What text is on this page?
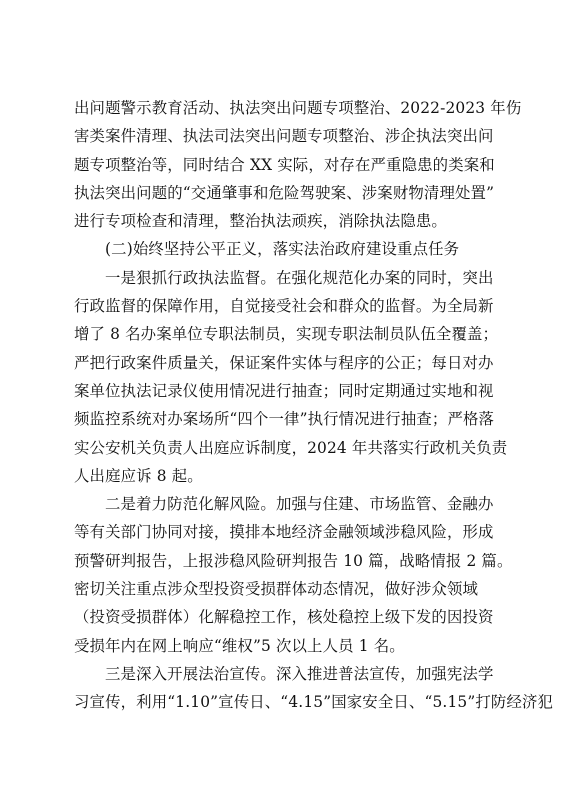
出问题警示教育活动、执法突出问题专项整治、2022-2023 年伤
害类案件清理、执法司法突出问题专项整治、涉企执法突出问
题专项整治等，同时结合 XX 实际，对存在严重隐患的类案和
执法突出问题的“交通肇事和危险驾驶案、涉案财物清理处置”
进行专项检查和清理，整治执法顽疾，消除执法隐患。
(二)始终坚持公平正义，落实法治政府建设重点任务
一是狠抓行政执法监督。在强化规范化办案的同时，突出
行政监督的保障作用，自觉接受社会和群众的监督。为全局新
增了 8 名办案单位专职法制员，实现专职法制员队伍全覆盖；
严把行政案件质量关，保证案件实体与程序的公正；每日对办
案单位执法记录仪使用情况进行抽查；同时定期通过实地和视
频监控系统对办案场所“四个一律”执行情况进行抽查；严格落
实公安机关负责人出庭应诉制度，2024 年共落实行政机关负责
人出庭应诉 8 起。
二是着力防范化解风险。加强与住建、市场监管、金融办
等有关部门协同对接，摸排本地经济金融领域涉稳风险，形成
预警研判报告，上报涉稳风险研判报告 10 篇，战略情报 2 篇。
密切关注重点涉众型投资受损群体动态情况，做好涉众领域
（投资受损群体）化解稳控工作，核处稳控上级下发的因投资
受损年内在网上响应“维权”5 次以上人员 1 名。
三是深入开展法治宣传。深入推进普法宣传，加强宪法学
习宣传，利用“1.10”宣传日、“4.15”国家安全日、“5.15”打防经济犯
